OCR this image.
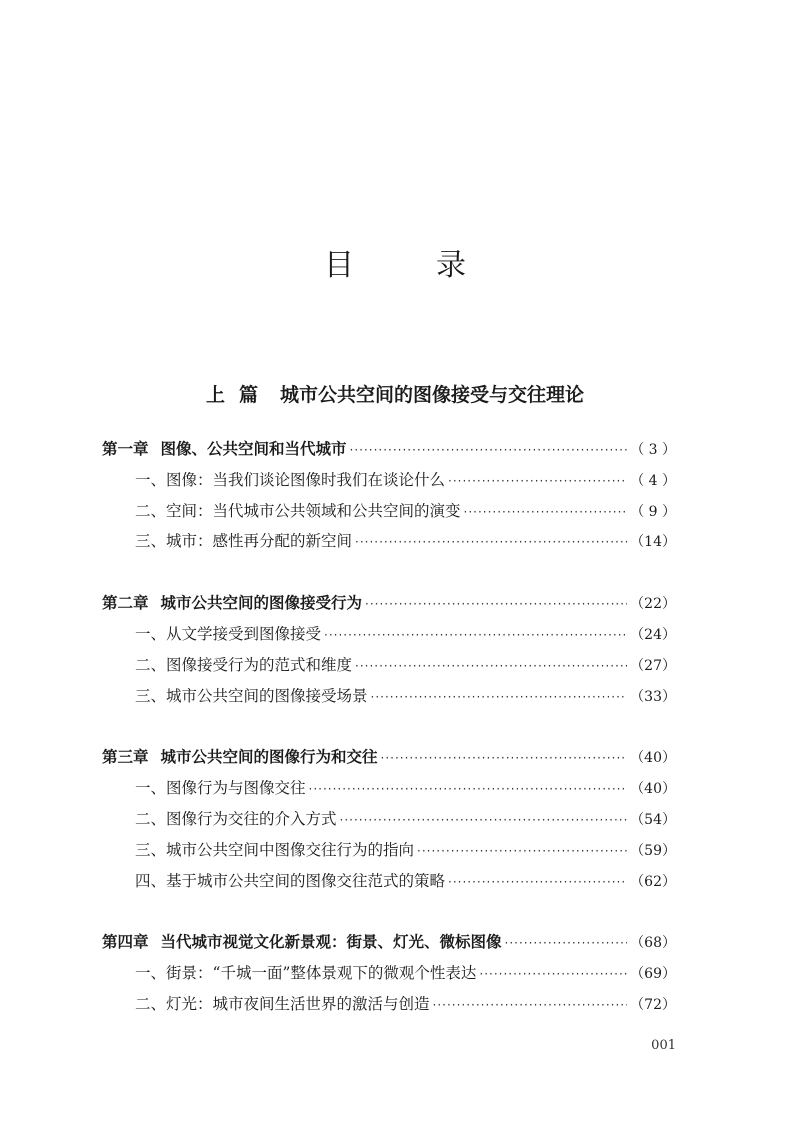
目　录
上篇 城市公共空间的图像接受与交往理论
第一章 图像、公共空间和当代城市 ·····	（ 3 ）
一、 图像：当我们谈论图像时我们在谈论什么 ·····	（ 4 ）
二、 空间：当代城市公共领域和公共空间的演变 ·····	（ 9 ）
三、 城市：感性再分配的新空间 ·····	（14）
第二章 城市公共空间的图像接受行为 ·····	（22）
一、 从文学接受到图像接受 ·····	（24）
二、 图像接受行为的范式和维度 ·····	（27）
三、 城市公共空间的图像接受场景 ·····	（33）
第三章 城市公共空间的图像行为和交往 ·····	（40）
一、 图像行为与图像交往 ·····	（40）
二、 图像行为交往的介入方式 ·····	（54）
三、 城市公共空间中图像交往行为的指向 ·····	（59）
四、 基于城市公共空间的图像交往范式的策略 ·····	（62）
第四章 当代城市视觉文化新景观：街景、灯光、微标图像 ·····	（68）
一、 街景：“千城一面”整体景观下的微观个性表达 ·····	（69）
二、 灯光：城市夜间生活世界的激活与创造 ·····	（72）
001
